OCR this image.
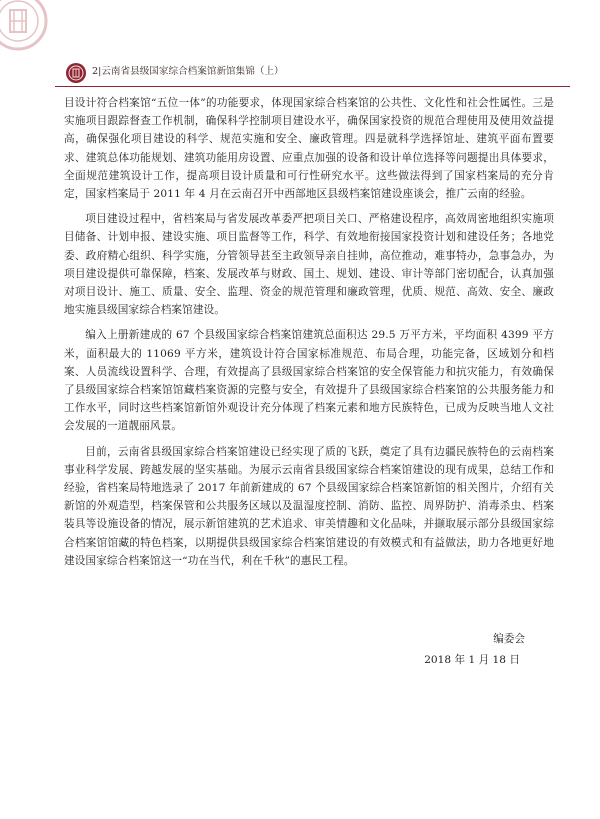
2|云南省县级国家综合档案馆新馆集锦（上）

目设计符合档案馆“五位一体”的功能要求，体现国家综合档案馆的公共性、文化性和社会性属性。三是实施项目跟踪督查工作机制，确保科学控制项目建设水平，确保国家投资的规范合理使用及使用效益提高，确保强化项目建设的科学、规范实施和安全、廉政管理。四是就科学选择馆址、建筑平面布置要求、建筑总体功能规划、建筑功能用房设置、应重点加强的设备和设计单位选择等问题提出具体要求，全面规范建筑设计工作，提高项目设计质量和可行性研究水平。这些做法得到了国家档案局的充分肯定，国家档案局于 2011 年 4 月在云南召开中西部地区县级档案馆建设座谈会，推广云南的经验。

项目建设过程中，省档案局与省发展改革委严把项目关口、严格建设程序，高效周密地组织实施项目储备、计划申报、建设实施、项目监督等工作，科学、有效地衔接国家投资计划和建设任务；各地党委、政府精心组织、科学实施，分管领导甚至主政领导亲自挂帅，高位推动，难事特办，急事急办，为项目建设提供可靠保障，档案、发展改革与财政、国土、规划、建设、审计等部门密切配合，认真加强对项目设计、施工、质量、安全、监理、资金的规范管理和廉政管理，优质、规范、高效、安全、廉政地实施县级国家综合档案馆建设。

编入上册新建成的 67 个县级国家综合档案馆建筑总面积达 29.5 万平方米，平均面积 4399 平方米，面积最大的 11069 平方米，建筑设计符合国家标准规范、布局合理，功能完备，区域划分和档案、人员流线设置科学、合理，有效提高了县级国家综合档案馆的安全保管能力和抗灾能力，有效确保了县级国家综合档案馆馆藏档案资源的完整与安全，有效提升了县级国家综合档案馆的公共服务能力和工作水平，同时这些档案馆新馆外观设计充分体现了档案元素和地方民族特色，已成为反映当地人文社会发展的一道靓丽风景。

目前，云南省县级国家综合档案馆建设已经实现了质的飞跃，奠定了具有边疆民族特色的云南档案事业科学发展、跨越发展的坚实基础。为展示云南省县级国家综合档案馆建设的现有成果，总结工作和经验，省档案局特地选录了 2017 年前新建成的 67 个县级国家综合档案馆新馆的相关图片，介绍有关新馆的外观造型，档案保管和公共服务区域以及温湿度控制、消防、监控、周界防护、消毒杀虫、档案装具等设施设备的情况，展示新馆建筑的艺术追求、审美情趣和文化品味，并撷取展示部分县级国家综合档案馆馆藏的特色档案，以期提供县级国家综合档案馆建设的有效模式和有益做法，助力各地更好地建设国家综合档案馆这一“功在当代，利在千秋”的惠民工程。

编委会
2018 年 1 月 18 日
